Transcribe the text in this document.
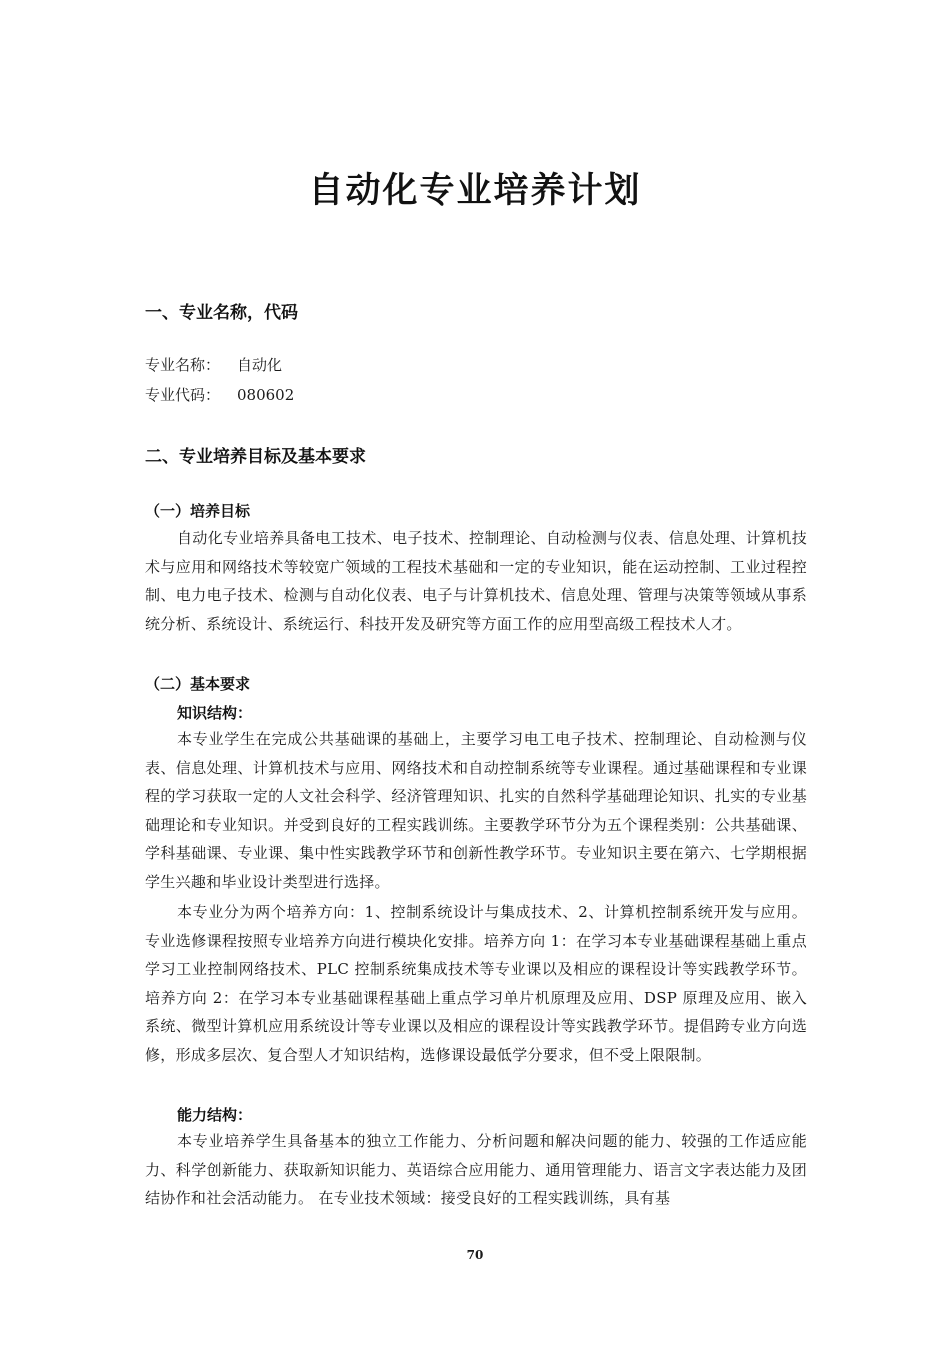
自动化专业培养计划
一、专业名称，代码
专业名称： 自动化
专业代码： 080602
二、专业培养目标及基本要求
（一）培养目标
自动化专业培养具备电工技术、电子技术、控制理论、自动检测与仪表、信息处理、计算机技术与应用和网络技术等较宽广领域的工程技术基础和一定的专业知识，能在运动控制、工业过程控制、电力电子技术、检测与自动化仪表、电子与计算机技术、信息处理、管理与决策等领域从事系统分析、系统设计、系统运行、科技开发及研究等方面工作的应用型高级工程技术人才。
（二）基本要求
知识结构：
本专业学生在完成公共基础课的基础上，主要学习电工电子技术、控制理论、自动检测与仪表、信息处理、计算机技术与应用、网络技术和自动控制系统等专业课程。通过基础课程和专业课程的学习获取一定的人文社会科学、经济管理知识、扎实的自然科学基础理论知识、扎实的专业基础理论和专业知识。并受到良好的工程实践训练。主要教学环节分为五个课程类别：公共基础课、学科基础课、专业课、集中性实践教学环节和创新性教学环节。专业知识主要在第六、七学期根据学生兴趣和毕业设计类型进行选择。
本专业分为两个培养方向：1、控制系统设计与集成技术、2、计算机控制系统开发与应用。专业选修课程按照专业培养方向进行模块化安排。培养方向 1：在学习本专业基础课程基础上重点学习工业控制网络技术、PLC 控制系统集成技术等专业课以及相应的课程设计等实践教学环节。培养方向 2：在学习本专业基础课程基础上重点学习单片机原理及应用、DSP 原理及应用、嵌入系统、微型计算机应用系统设计等专业课以及相应的课程设计等实践教学环节。提倡跨专业方向选修，形成多层次、复合型人才知识结构，选修课设最低学分要求，但不受上限限制。
能力结构：
本专业培养学生具备基本的独立工作能力、分析问题和解决问题的能力、较强的工作适应能力、科学创新能力、获取新知识能力、英语综合应用能力、通用管理能力、语言文字表达能力及团结协作和社会活动能力。 在专业技术领域：接受良好的工程实践训练，具有基
70
